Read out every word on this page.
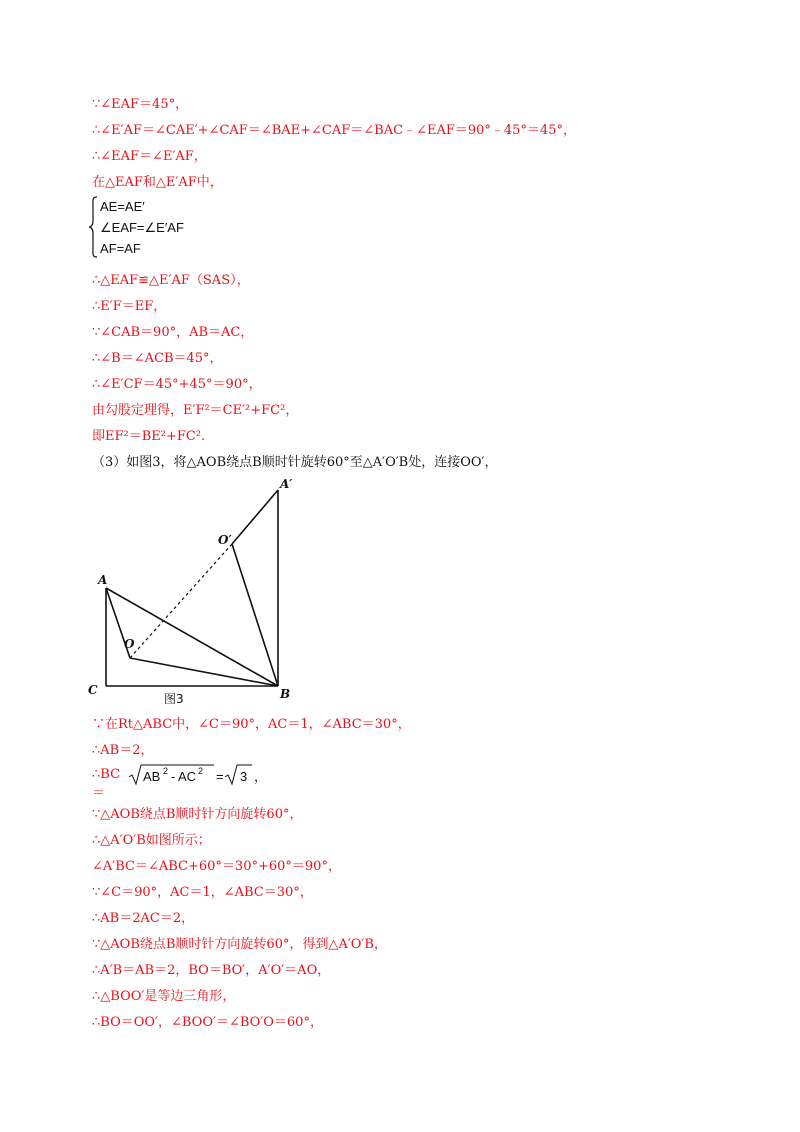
∵∠EAF＝45°，
∴∠E′AF＝∠CAE′+∠CAF＝∠BAE+∠CAF＝∠BAC﹣∠EAF＝90°﹣45°＝45°，
∴∠EAF＝∠E′AF，
在△EAF和△E′AF中，
AE=AE′
∠EAF=∠E′AF
AF=AF
∴△EAF≌△E′AF（SAS），
∴E′F＝EF，
∵∠CAB＝90°，AB＝AC，
∴∠B＝∠ACB＝45°，
∴∠E′CF＝45°+45°＝90°，
由勾股定理得，E′F²＝CE′²+FC²，
即EF²＝BE²+FC².
（3）如图3，将△AOB绕点B顺时针旋转60°至△A′O′B处，连接OO′，
A
O
C	B
A′
O′
图3
∵在Rt△ABC中，∠C＝90°，AC＝1，∠ABC＝30°，
∴AB＝2，
∴BC＝
AB 2 - AC 2 = 3 ，
∵△AOB绕点B顺时针方向旋转60°，
∴△A′O′B如图所示；
∠A′BC＝∠ABC+60°＝30°+60°＝90°，
∵∠C＝90°，AC＝1，∠ABC＝30°，
∴AB＝2AC＝2，
∵△AOB绕点B顺时针方向旋转60°，得到△A′O′B，
∴A′B＝AB＝2，BO＝BO′，A′O′＝AO，
∴△BOO′是等边三角形，
∴BO＝OO′，∠BOO′＝∠BO′O＝60°，
